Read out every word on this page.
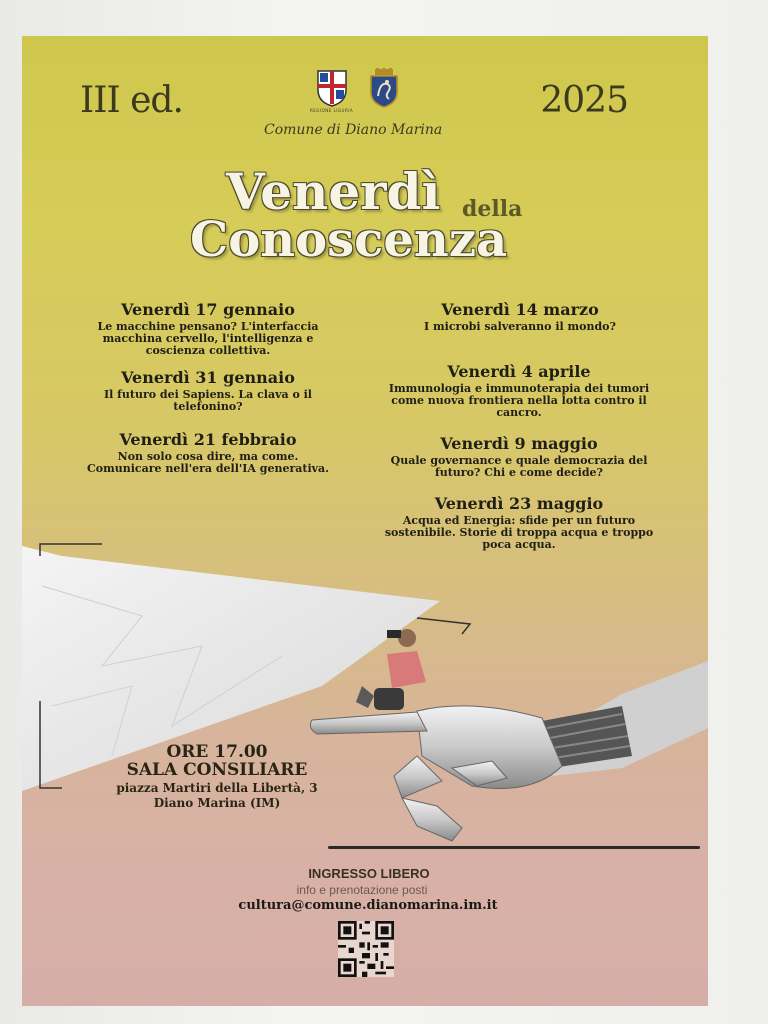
III ed.	2025
REGIONE LIGURIA
Comune di Diano Marina
Venerdì della
Conoscenza
Venerdì 17 gennaio
Le macchine pensano? L'interfaccia macchina cervello, l'intelligenza e coscienza collettiva.
Venerdì 31 gennaio
Il futuro dei Sapiens. La clava o il telefonino?
Venerdì 21 febbraio
Non solo cosa dire, ma come. Comunicare nell'era dell'IA generativa.
Venerdì 14 marzo
I microbi salveranno il mondo?
Venerdì 4 aprile
Immunologia e immunoterapia dei tumori come nuova frontiera nella lotta contro il cancro.
Venerdì 9 maggio
Quale governance e quale democrazia del futuro? Chi e come decide?
Venerdì 23 maggio
Acqua ed Energia: sfide per un futuro sostenibile. Storie di troppa acqua e troppo poca acqua.
ORE 17.00
SALA CONSILIARE
piazza Martiri della Libertà, 3
Diano Marina (IM)
INGRESSO LIBERO
info e prenotazione posti
cultura@comune.dianomarina.im.it
